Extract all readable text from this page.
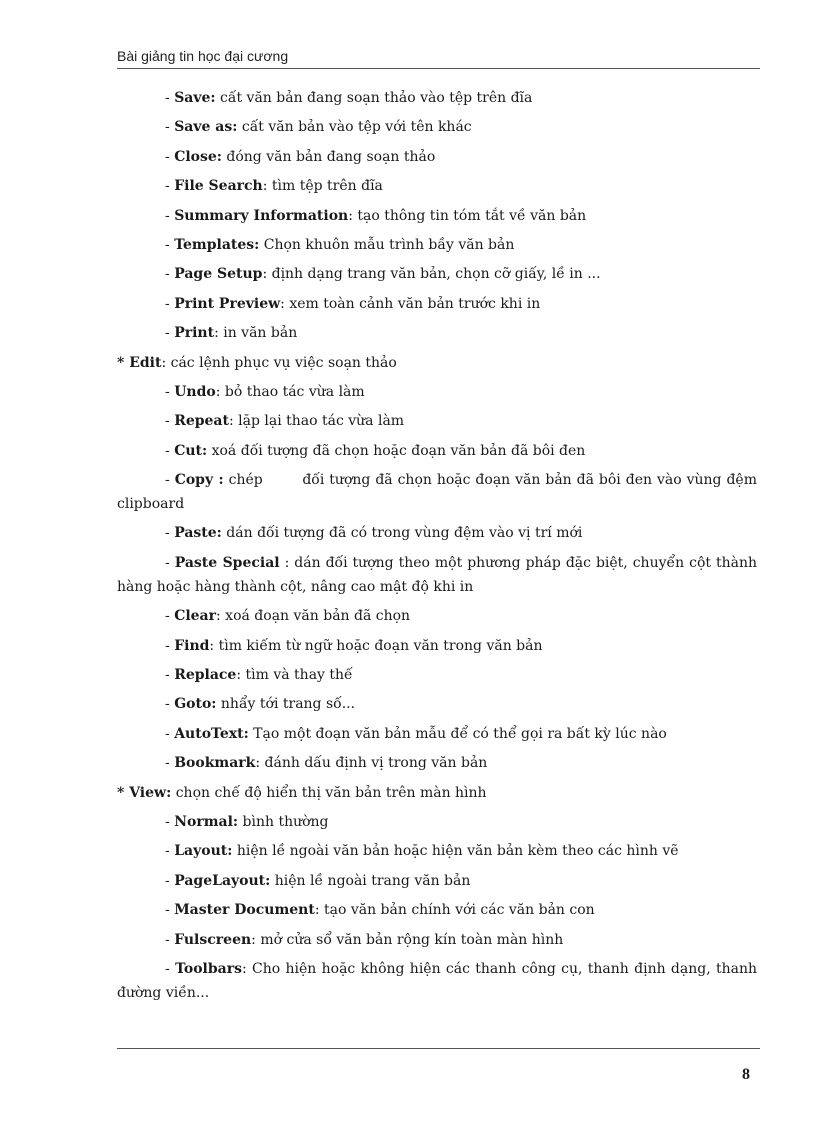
Bài giảng tin học đại cương

- Save: cất văn bản đang soạn thảo vào tệp trên đĩa

- Save as: cất văn bản vào tệp với tên khác

- Close: đóng văn bản đang soạn thảo

- File Search: tìm tệp trên đĩa

- Summary Information: tạo thông tin tóm tắt về văn bản

- Templates: Chọn khuôn mẫu trình bầy văn bản

- Page Setup: định dạng trang văn bản, chọn cỡ giấy, lề in ...

- Print Preview: xem toàn cảnh văn bản trước khi in

- Print: in văn bản

* Edit: các lệnh phục vụ việc soạn thảo

- Undo: bỏ thao tác vừa làm

- Repeat: lặp lại thao tác vừa làm

- Cut: xoá đối tượng đã chọn hoặc đoạn văn bản đã bôi đen

- Copy : chép        đối tượng đã chọn hoặc đoạn văn bản đã bôi đen vào vùng đệm clipboard

- Paste: dán đối tượng đã có trong vùng đệm vào vị trí mới

- Paste Special : dán đối tượng theo một phương pháp đặc biệt, chuyển cột thành hàng hoặc hàng thành cột, nâng cao mật độ khi in

- Clear: xoá đoạn văn bản đã chọn

- Find: tìm kiếm từ ngữ hoặc đoạn văn trong văn bản

- Replace: tìm và thay thế

- Goto: nhẩy tới trang số...

- AutoText: Tạo một đoạn văn bản mẫu để có thể gọi ra bất kỳ lúc nào

- Bookmark: đánh dấu định vị trong văn bản

* View: chọn chế độ hiển thị văn bản trên màn hình

- Normal: bình thường

- Layout: hiện lề ngoài văn bản hoặc hiện văn bản kèm theo các hình vẽ

- PageLayout: hiện lề ngoài trang văn bản

- Master Document: tạo văn bản chính với các văn bản con

- Fulscreen: mở cửa sổ văn bản rộng kín toàn màn hình

- Toolbars: Cho hiện hoặc không hiện các thanh công cụ, thanh định dạng, thanh đường viền...

8
